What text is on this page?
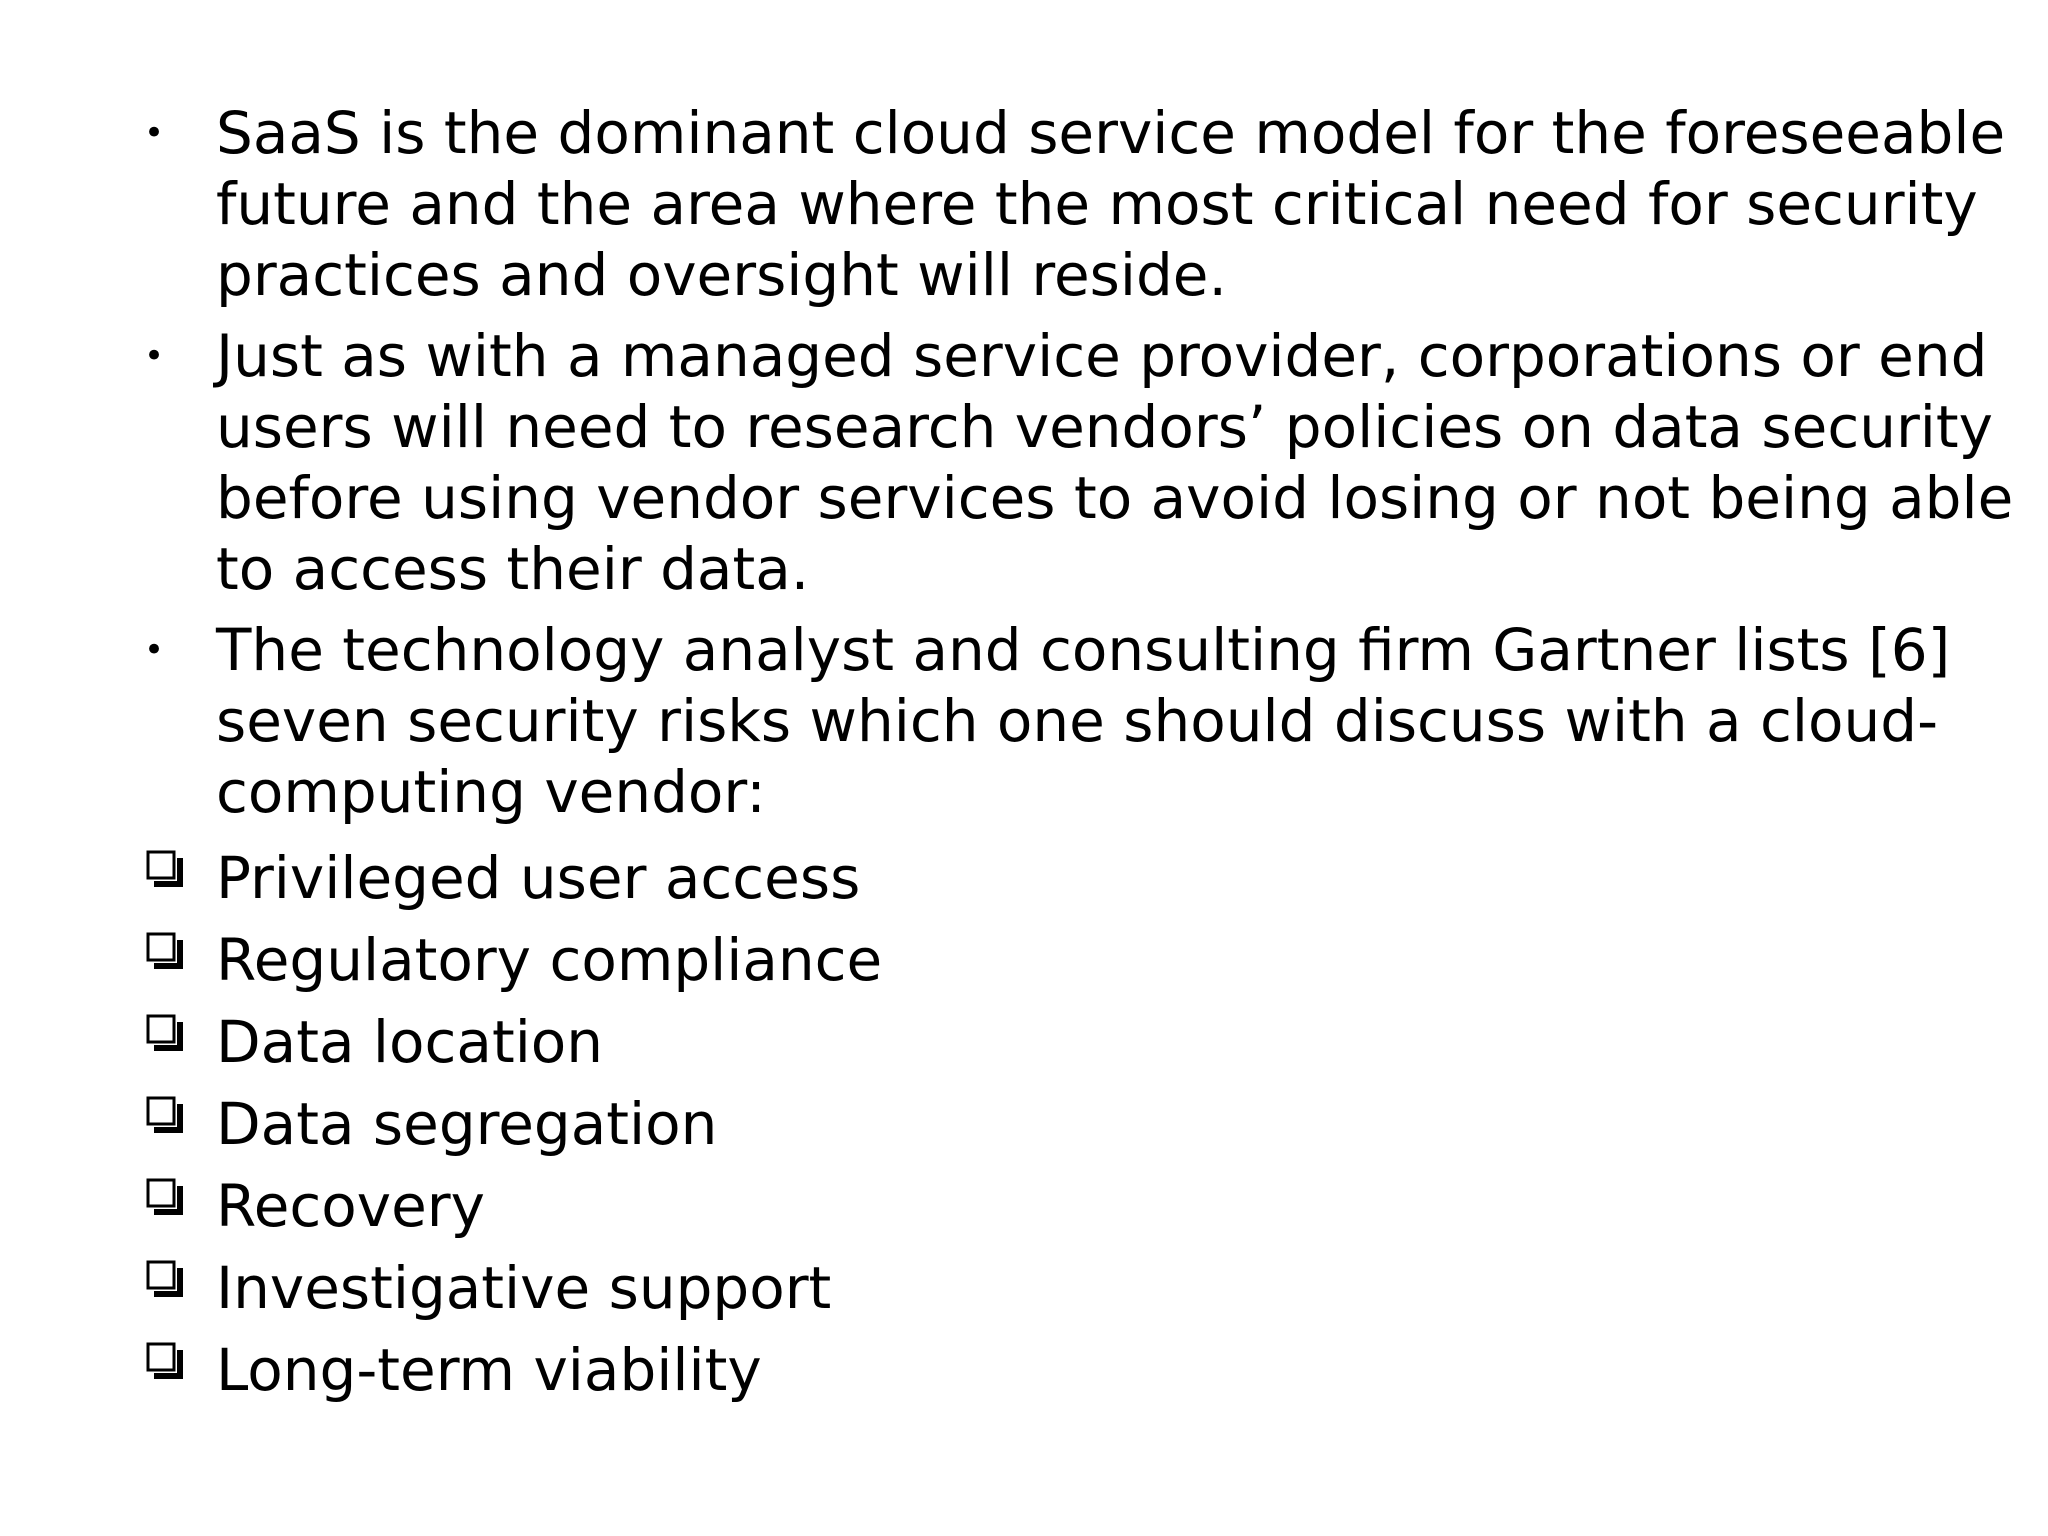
• SaaS is the dominant cloud service model for the foreseeable future and the area where the most critical need for security practices and oversight will reside.
• Just as with a managed service provider, corporations or end users will need to research vendors’ policies on data security before using vendor services to avoid losing or not being able to access their data.
• The technology analyst and consulting firm Gartner lists [6] seven security risks which one should discuss with a cloud-computing vendor:
Privileged user access
Regulatory compliance
Data location
Data segregation
Recovery
Investigative support
Long-term viability
